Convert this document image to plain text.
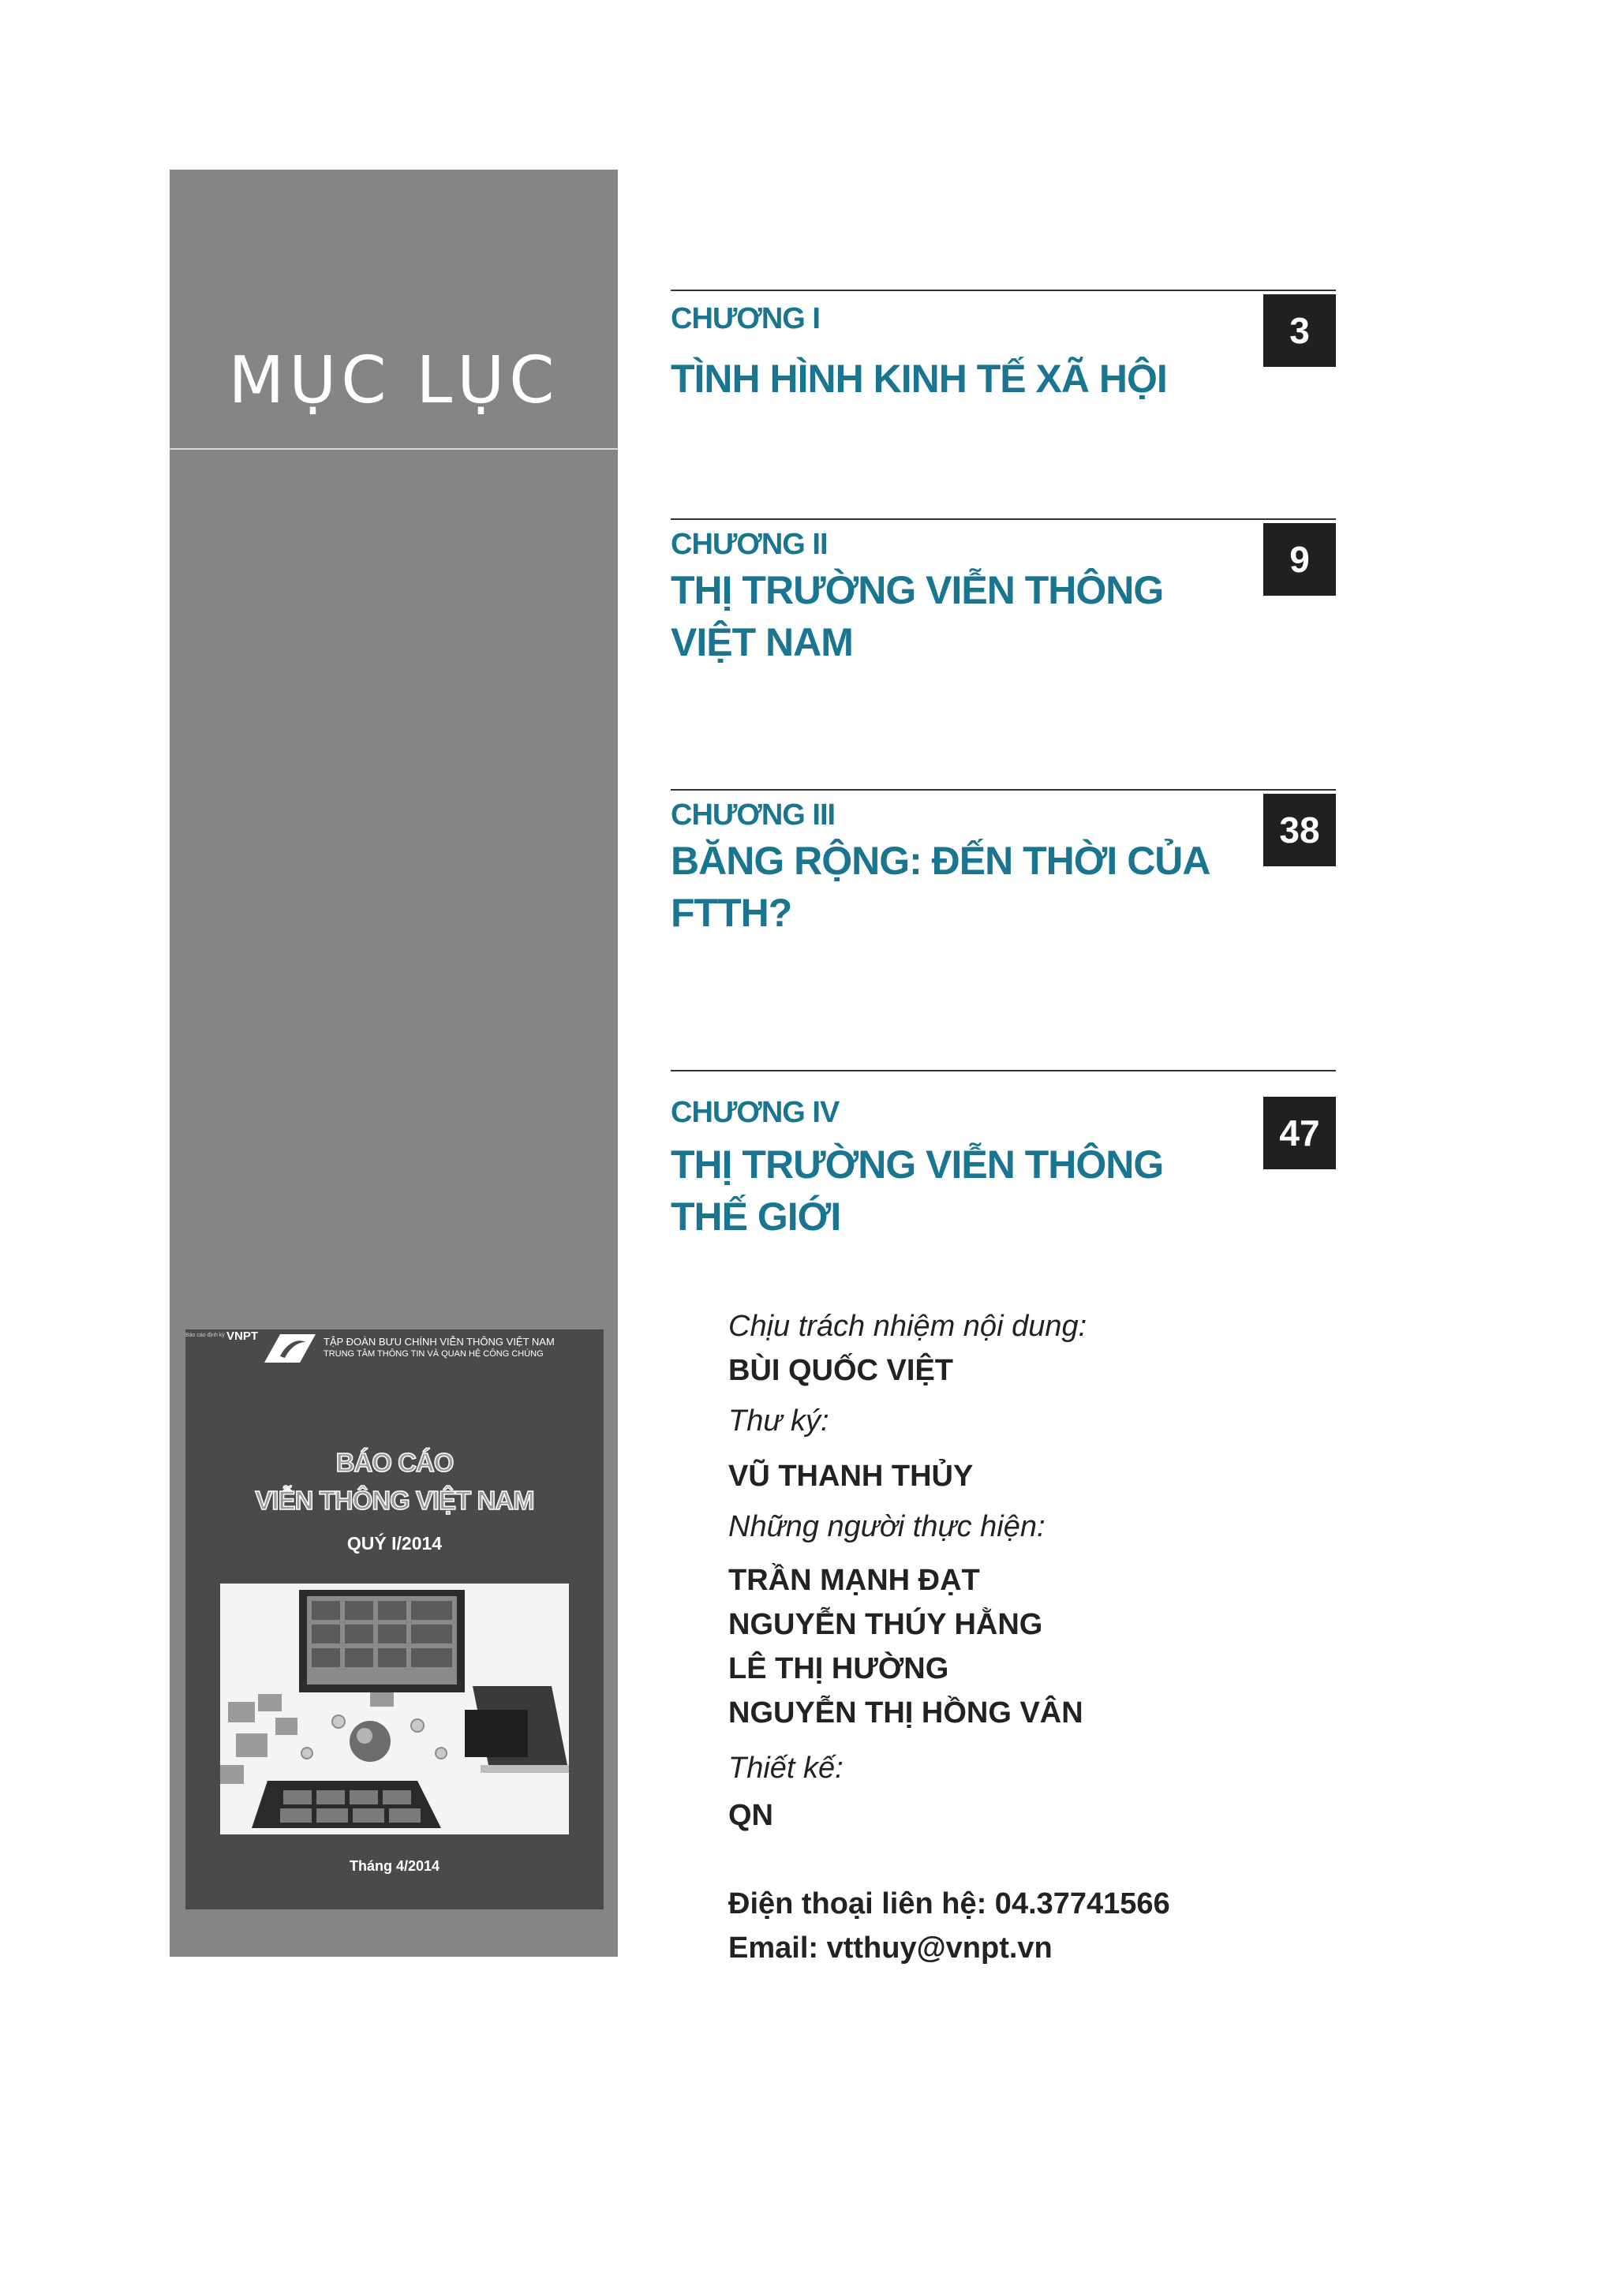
MỤC LỤC
Báo cáo định kỳ VNPT	TẬP ĐOÀN BƯU CHÍNH VIỄN THÔNG VIỆT NAM
TRUNG TÂM THÔNG TIN VÀ QUAN HỆ CÔNG CHÚNG
BÁO CÁO
VIỄN THÔNG VIỆT NAM
QUÝ I/2014
Tháng 4/2014
CHƯƠNG I
TÌNH HÌNH KINH TẾ XÃ HỘI
3
CHƯƠNG II
THỊ TRƯỜNG VIỄN THÔNG
VIỆT NAM
9
CHƯƠNG III
BĂNG RỘNG: ĐẾN THỜI CỦA
FTTH?
38
CHƯƠNG IV
THỊ TRƯỜNG VIỄN THÔNG
THẾ GIỚI
47
Chịu trách nhiệm nội dung:
BÙI QUỐC VIỆT
Thư ký:
VŨ THANH THỦY
Những người thực hiện:
TRẦN MẠNH ĐẠT
NGUYỄN THÚY HẰNG
LÊ THỊ HƯỜNG
NGUYỄN THỊ HỒNG VÂN
Thiết kế:
QN
Điện thoại liên hệ: 04.37741566
Email: vtthuy@vnpt.vn
